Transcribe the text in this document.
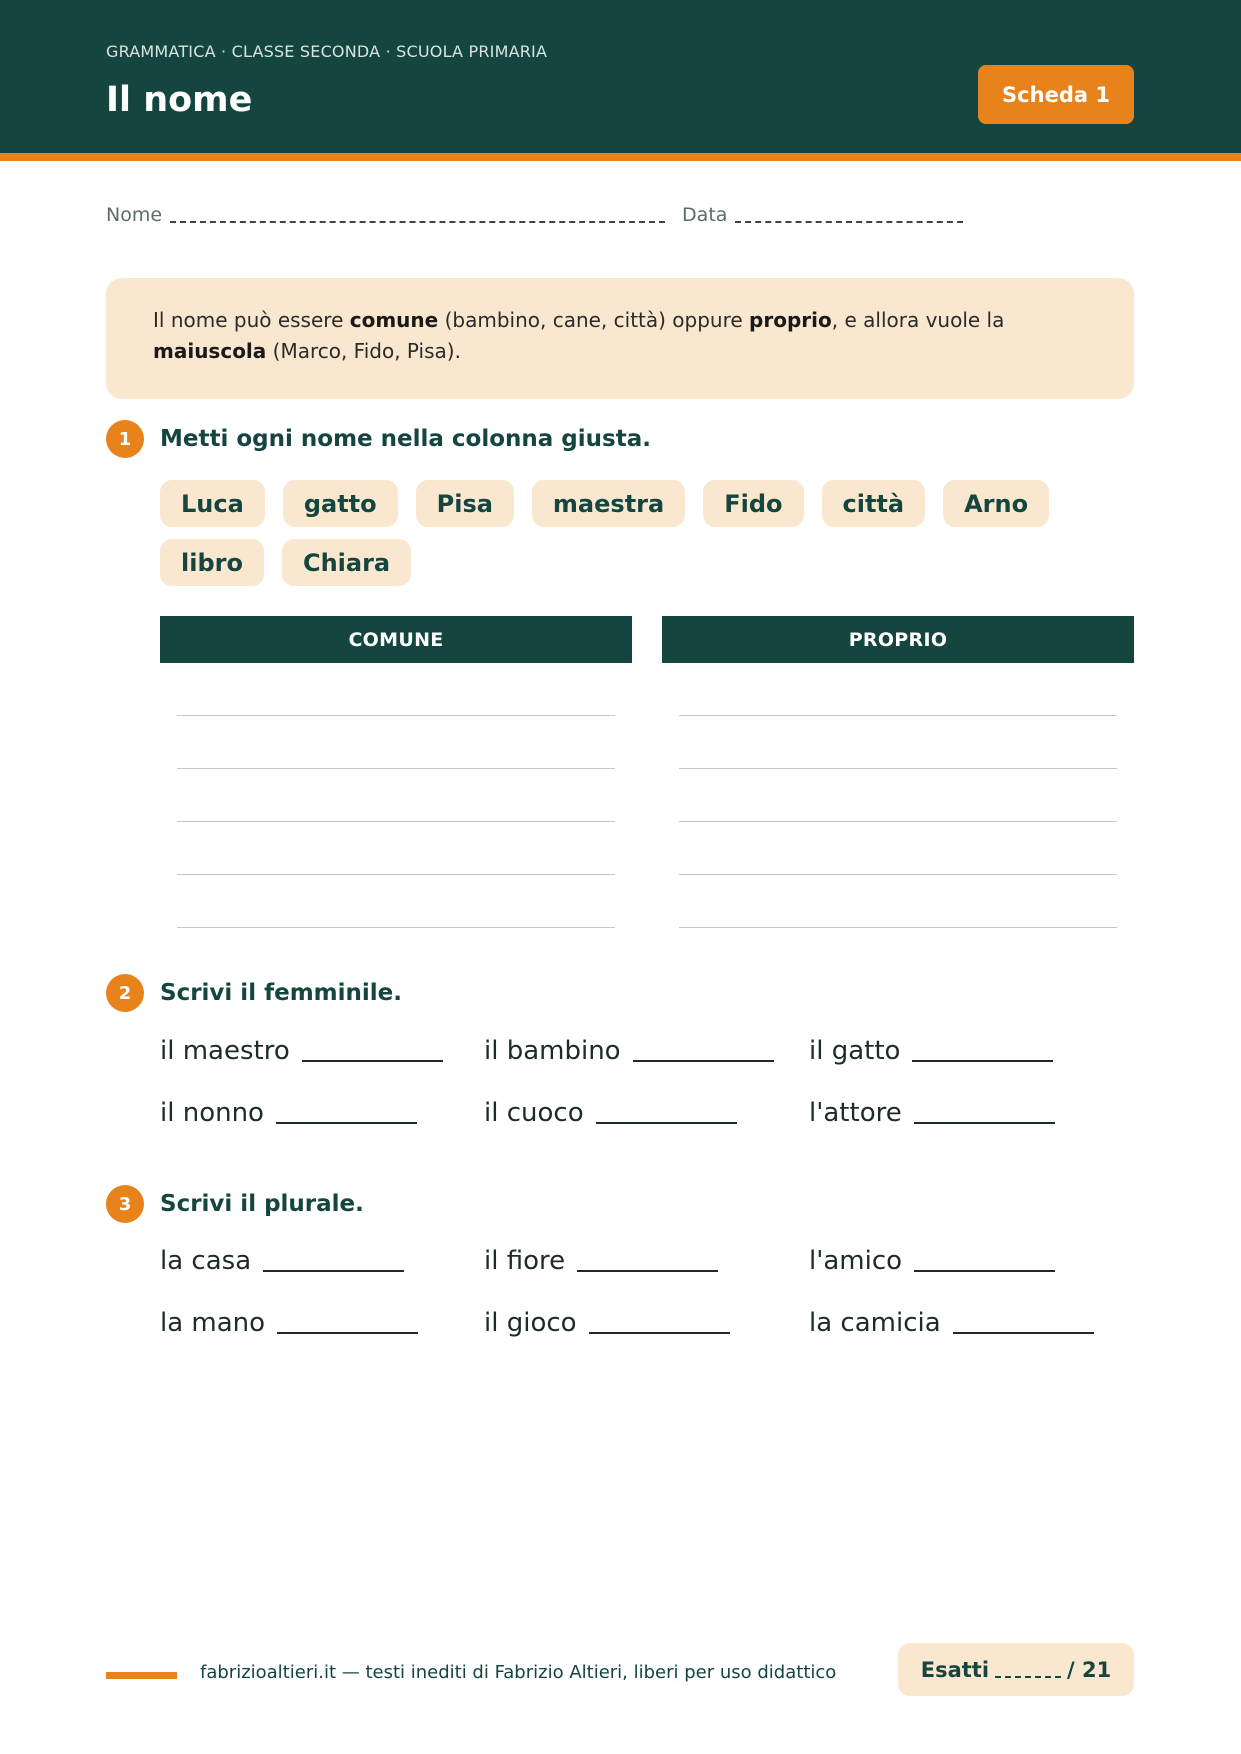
GRAMMATICA · CLASSE SECONDA · SCUOLA PRIMARIA
Il nome	Scheda 1
Nome	Data
Il nome può essere comune (bambino, cane, città) oppure proprio, e allora vuole la maiuscola (Marco, Fido, Pisa).
1	Metti ogni nome nella colonna giusta.
Luca	gatto	Pisa	maestra	Fido	città	Arno
libro	Chiara
COMUNE	PROPRIO
2	Scrivi il femminile.
il maestro	il bambino	il gatto
il nonno	il cuoco	l'attore
3	Scrivi il plurale.
la casa	il fiore	l'amico
la mano	il gioco	la camicia
fabrizioaltieri.it — testi inediti di Fabrizio Altieri, liberi per uso didattico	Esatti	/ 21
